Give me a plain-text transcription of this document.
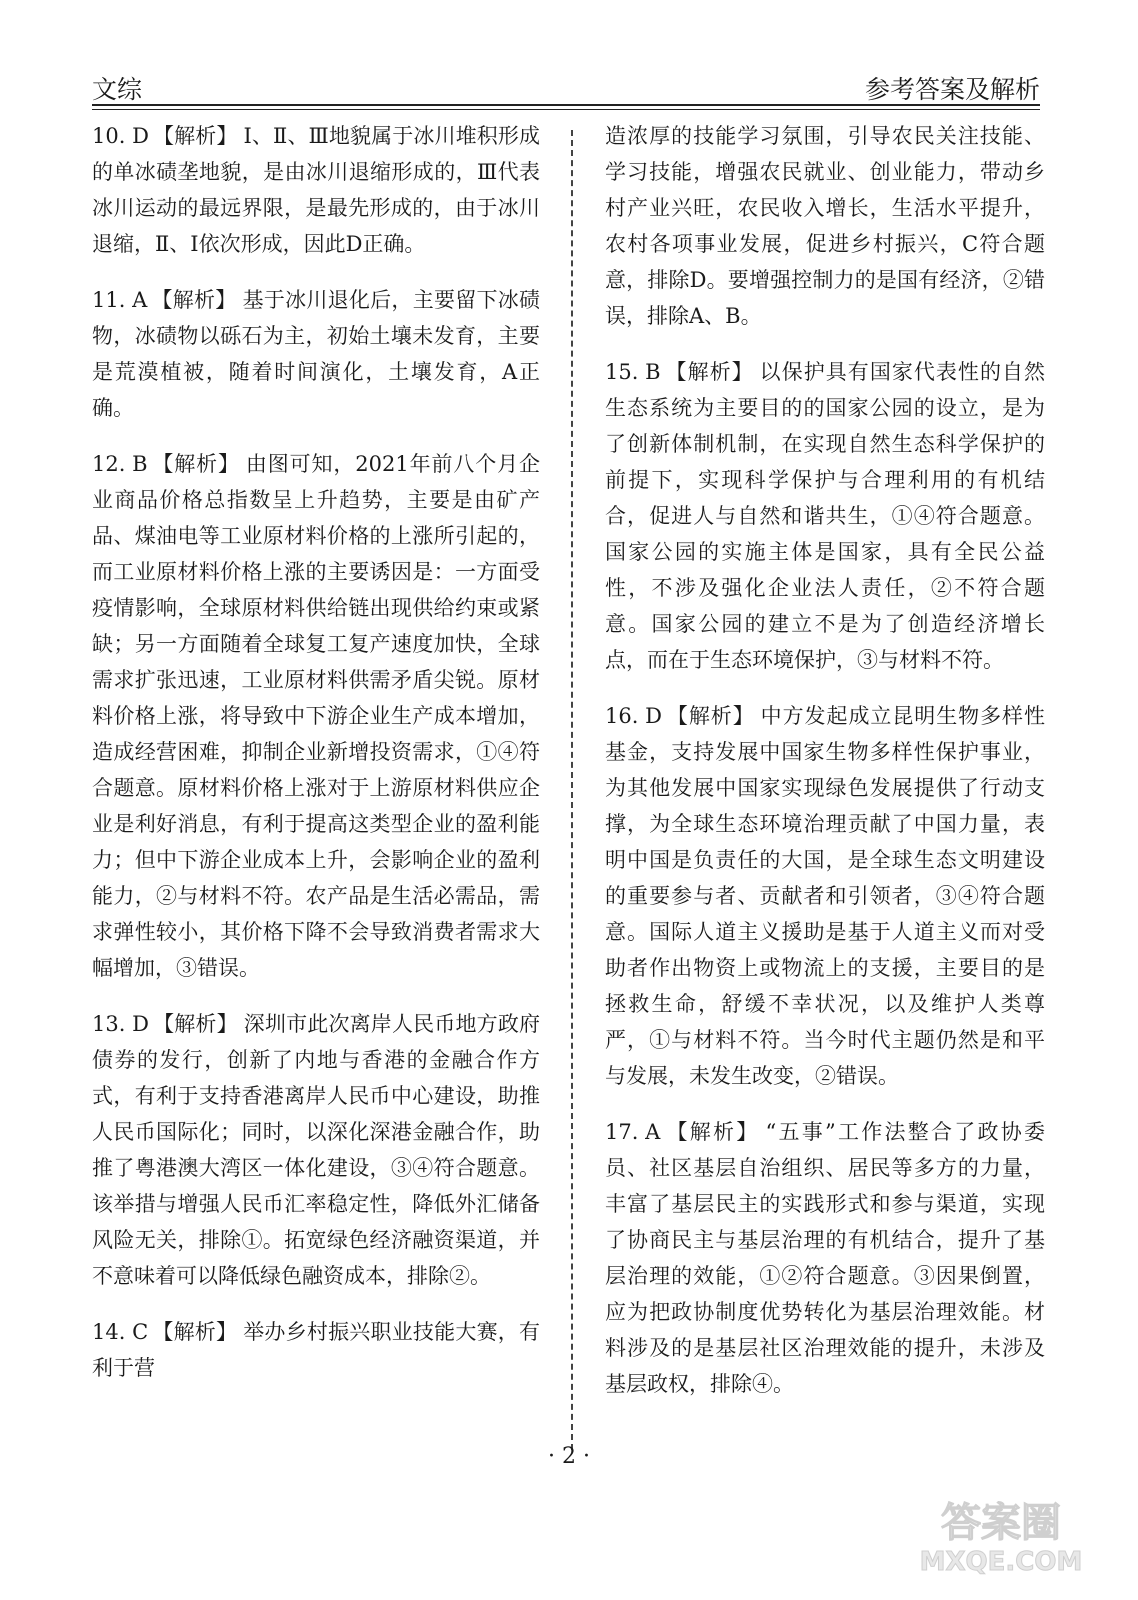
文综	参考答案及解析
10. D 【解析】 Ⅰ、Ⅱ、Ⅲ地貌属于冰川堆积形成的单冰碛垄地貌，是由冰川退缩形成的，Ⅲ代表冰川运动的最远界限，是最先形成的，由于冰川退缩，Ⅱ、Ⅰ依次形成，因此D正确。
11. A 【解析】 基于冰川退化后，主要留下冰碛物，冰碛物以砾石为主，初始土壤未发育，主要是荒漠植被，随着时间演化，土壤发育，A正确。
12. B 【解析】 由图可知，2021年前八个月企业商品价格总指数呈上升趋势，主要是由矿产品、煤油电等工业原材料价格的上涨所引起的，而工业原材料价格上涨的主要诱因是：一方面受疫情影响，全球原材料供给链出现供给约束或紧缺；另一方面随着全球复工复产速度加快，全球需求扩张迅速，工业原材料供需矛盾尖锐。原材料价格上涨，将导致中下游企业生产成本增加，造成经营困难，抑制企业新增投资需求，①④符合题意。原材料价格上涨对于上游原材料供应企业是利好消息，有利于提高这类型企业的盈利能力；但中下游企业成本上升，会影响企业的盈利能力，②与材料不符。农产品是生活必需品，需求弹性较小，其价格下降不会导致消费者需求大幅增加，③错误。
13. D 【解析】 深圳市此次离岸人民币地方政府债券的发行，创新了内地与香港的金融合作方式，有利于支持香港离岸人民币中心建设，助推人民币国际化；同时，以深化深港金融合作，助推了粤港澳大湾区一体化建设，③④符合题意。该举措与增强人民币汇率稳定性，降低外汇储备风险无关，排除①。拓宽绿色经济融资渠道，并不意味着可以降低绿色融资成本，排除②。
14. C 【解析】 举办乡村振兴职业技能大赛，有利于营
造浓厚的技能学习氛围，引导农民关注技能、学习技能，增强农民就业、创业能力，带动乡村产业兴旺，农民收入增长，生活水平提升，农村各项事业发展，促进乡村振兴，C符合题意，排除D。要增强控制力的是国有经济，②错误，排除A、B。
15. B 【解析】 以保护具有国家代表性的自然生态系统为主要目的的国家公园的设立，是为了创新体制机制，在实现自然生态科学保护的前提下，实现科学保护与合理利用的有机结合，促进人与自然和谐共生，①④符合题意。国家公园的实施主体是国家，具有全民公益性，不涉及强化企业法人责任，②不符合题意。国家公园的建立不是为了创造经济增长点，而在于生态环境保护，③与材料不符。
16. D 【解析】 中方发起成立昆明生物多样性基金，支持发展中国家生物多样性保护事业，为其他发展中国家实现绿色发展提供了行动支撑，为全球生态环境治理贡献了中国力量，表明中国是负责任的大国，是全球生态文明建设的重要参与者、贡献者和引领者，③④符合题意。国际人道主义援助是基于人道主义而对受助者作出物资上或物流上的支援，主要目的是拯救生命，舒缓不幸状况，以及维护人类尊严，①与材料不符。当今时代主题仍然是和平与发展，未发生改变，②错误。
17. A 【解析】 “五事”工作法整合了政协委员、社区基层自治组织、居民等多方的力量，丰富了基层民主的实践形式和参与渠道，实现了协商民主与基层治理的有机结合，提升了基层治理的效能，①②符合题意。③因果倒置，应为把政协制度优势转化为基层治理效能。材料涉及的是基层社区治理效能的提升，未涉及基层政权，排除④。
· 2 ·
答案圈
MXQE.COM
